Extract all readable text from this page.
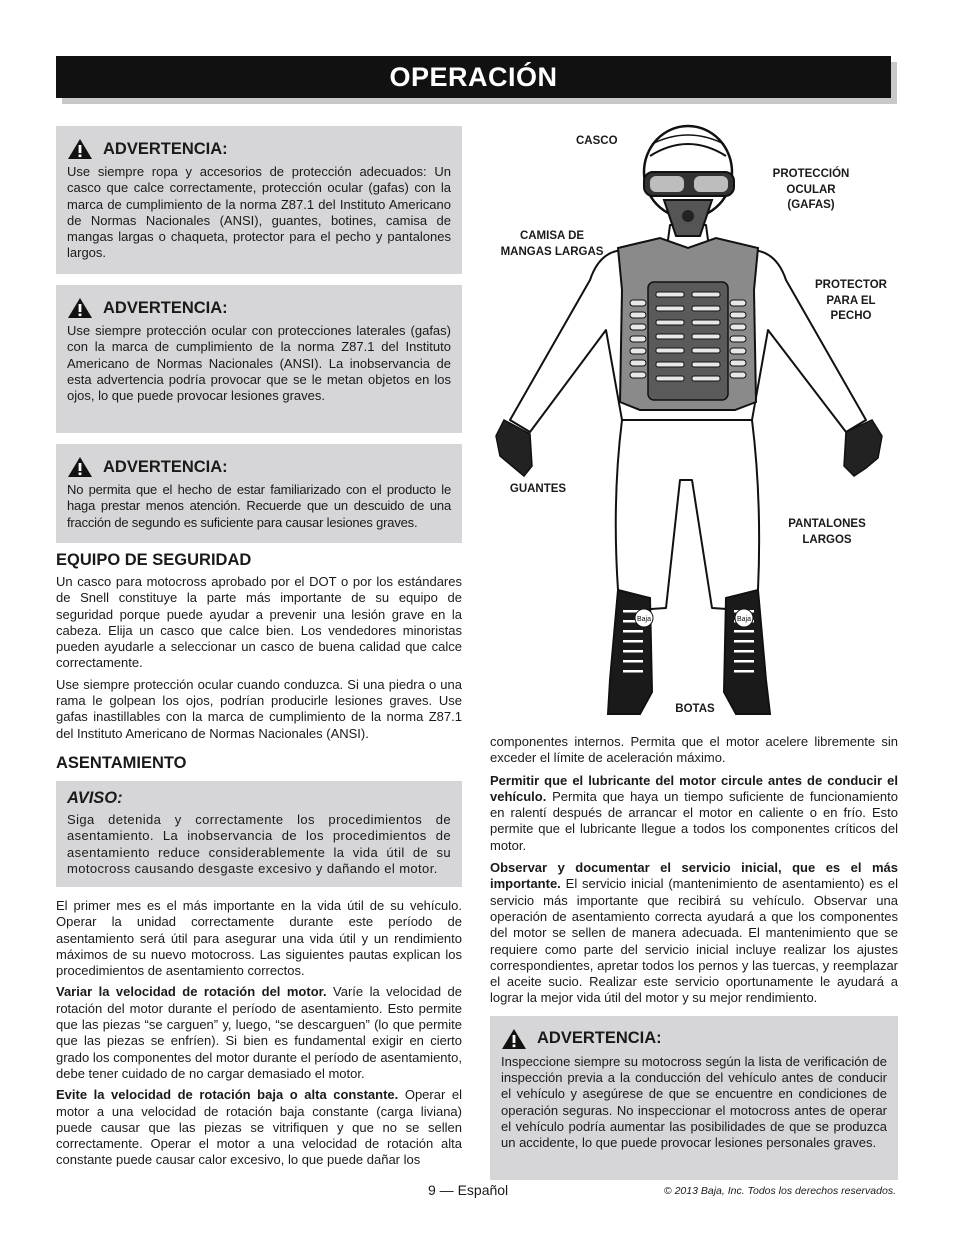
OPERACIÓN
ADVERTENCIA:

Use siempre ropa y accesorios de protección adecuados: Un casco que calce correctamente, protección ocular (gafas) con la marca de cumplimiento de la norma Z87.1 del Instituto Americano de Normas Nacionales (ANSI), guantes, botines, camisa de mangas largas o chaqueta, protector para el pecho y pantalones largos.

ADVERTENCIA:

Use siempre protección ocular con protecciones laterales (gafas) con la marca de cumplimiento de la norma Z87.1 del Instituto Americano de Normas Nacionales (ANSI). La inobservancia de esta advertencia podría provocar que se le metan objetos en los ojos, lo que puede provocar lesiones graves.

ADVERTENCIA:

No permita que el hecho de estar familiarizado con el producto le haga prestar menos atención. Recuerde que un descuido de una fracción de segundo es suficiente para causar lesiones graves.

EQUIPO DE SEGURIDAD

Un casco para motocross aprobado por el DOT o por los estándares de Snell constituye la parte más importante de su equipo de seguridad porque puede ayudar a prevenir una lesión grave en la cabeza. Elija un casco que calce bien. Los vendedores minoristas pueden ayudarle a seleccionar un casco de buena calidad que calce correctamente.

Use siempre protección ocular cuando conduzca. Si una piedra o una rama le golpean los ojos, podrían producirle lesiones graves. Use gafas inastillables con la marca de cumplimiento de la norma Z87.1 del Instituto Americano de Normas Nacionales (ANSI).

ASENTAMIENTO
AVISO:

Siga detenida y correctamente los procedimientos de asentamiento. La inobservancia de los procedimientos de asentamiento reduce considerablemente la vida útil de su motocross causando desgaste excesivo y dañando el motor.

El primer mes es el más importante en la vida útil de su vehículo. Operar la unidad correctamente durante este período de asentamiento será útil para asegurar una vida útil y un rendimiento máximos de su nuevo motocross. Las siguientes pautas explican los procedimientos de asentamiento correctos.

Variar la velocidad de rotación del motor. Varíe la velocidad de rotación del motor durante el período de asentamiento. Esto permite que las piezas “se carguen” y, luego, “se descarguen” (lo que permite que las piezas se enfríen). Si bien es fundamental exigir en cierto grado los componentes del motor durante el período de asentamiento, debe tener cuidado de no cargar demasiado el motor.

Evite la velocidad de rotación baja o alta constante. Operar el motor a una velocidad de rotación baja constante (carga liviana) puede causar que las piezas se vitrifiquen y que no se sellen correctamente. Operar el motor a una velocidad de rotación alta constante puede causar calor excesivo, lo que puede dañar los

Baja	Baja
CASCO
PROTECCIÓN
OCULAR
(GAFAS)
CAMISA DE
MANGAS LARGAS
PROTECTOR
PARA EL
PECHO
GUANTES
PANTALONES
LARGOS
BOTAS

componentes internos. Permita que el motor acelere libremente sin exceder el límite de aceleración máximo.

Permitir que el lubricante del motor circule antes de conducir el vehículo. Permita que haya un tiempo suficiente de funcionamiento en ralentí después de arrancar el motor en caliente o en frío. Esto permite que el lubricante llegue a todos los componentes críticos del motor.

Observar y documentar el servicio inicial, que es el más importante. El servicio inicial (mantenimiento de asentamiento) es el servicio más importante que recibirá su vehículo. Observar una operación de asentamiento correcta ayudará a que los componentes del motor se sellen de manera adecuada. El mantenimiento que se requiere como parte del servicio inicial incluye realizar los ajustes correspondientes, apretar todos los pernos y las tuercas, y reemplazar el aceite sucio. Realizar este servicio oportunamente le ayudará a lograr la mejor vida útil del motor y su mejor rendimiento.

ADVERTENCIA:

Inspeccione siempre su motocross según la lista de verificación de inspección previa a la conducción del vehículo antes de conducir el vehículo y asegúrese de que se encuentre en condiciones de operación seguras. No inspeccionar el motocross antes de operar el vehículo podría aumentar las posibilidades de que se produzca un accidente, lo que puede provocar lesiones personales graves.

9 — Español	© 2013 Baja, Inc. Todos los derechos reservados.
